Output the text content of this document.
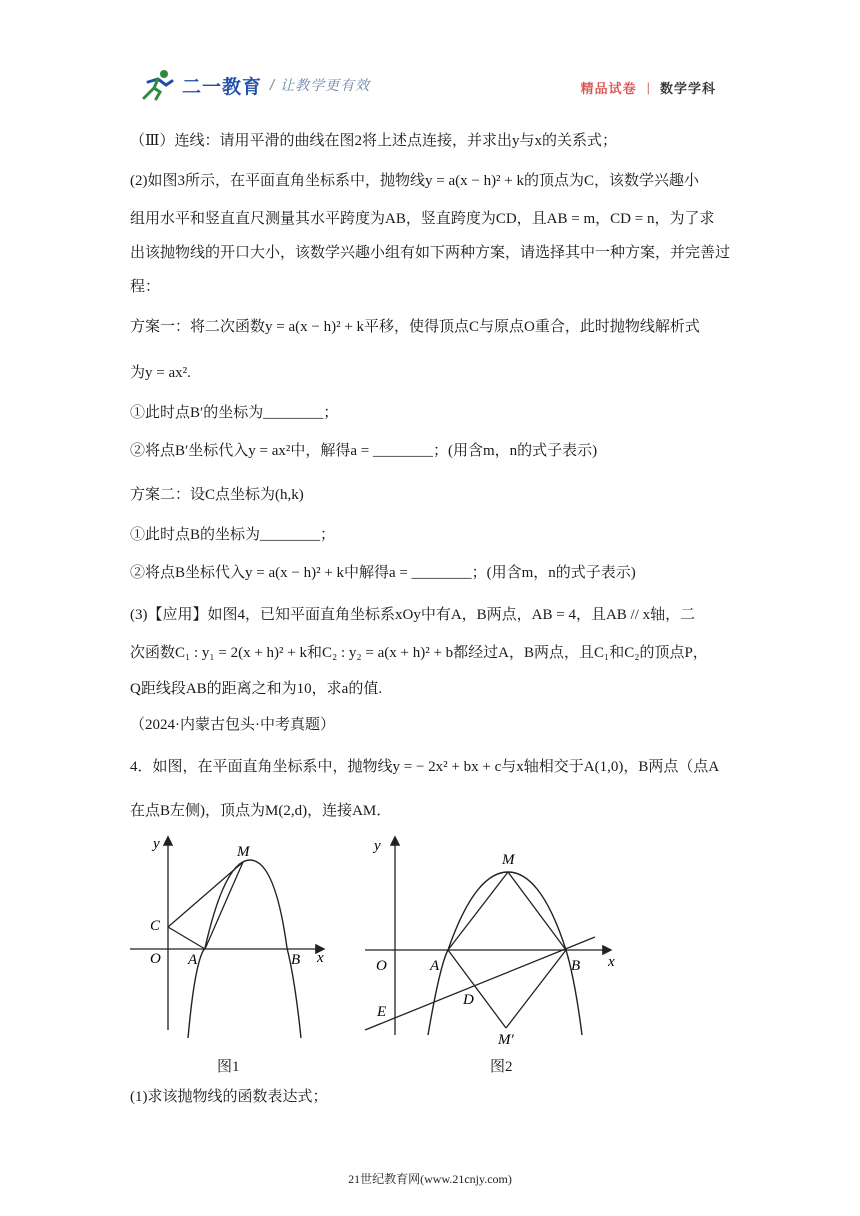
二一教育 / 让教学更有效	精品试卷 | 数学学科
（Ⅲ）连线：请用平滑的曲线在图2将上述点连接，并求出y与x的关系式；
(2)如图3所示，在平面直角坐标系中，抛物线y = a(x − h)² + k的顶点为C，该数学兴趣小
组用水平和竖直直尺测量其水平跨度为AB，竖直跨度为CD，且AB = m，CD = n，为了求
出该抛物线的开口大小，该数学兴趣小组有如下两种方案，请选择其中一种方案，并完善过
程：
方案一：将二次函数y = a(x − h)² + k平移，使得顶点C与原点O重合，此时抛物线解析式
为y = ax².
①此时点B′的坐标为________；
②将点B′坐标代入y = ax²中，解得a = ________；(用含m，n的式子表示)
方案二：设C点坐标为(h,k)
①此时点B的坐标为________；
②将点B坐标代入y = a(x − h)² + k中解得a = ________；(用含m，n的式子表示)
(3)【应用】如图4，已知平面直角坐标系xOy中有A，B两点，AB = 4，且AB // x轴，二
次函数C₁ : y₁ = 2(x + h)² + k和C₂ : y₂ = a(x + h)² + b都经过A，B两点，且C₁和C₂的顶点P，
Q距线段AB的距离之和为10，求a的值.
（2024·内蒙古包头·中考真题）
4．如图，在平面直角坐标系中，抛物线y = − 2x² + bx + c与x轴相交于A(1,0)，B两点（点A
在点B左侧)，顶点为M(2,d)，连接AM．
y
x
O A	B
C
M
图1
y
x
O	A	B
D
E
M
M′
图2
(1)求该抛物线的函数表达式；
21世纪教育网(www.21cnjy.com)
